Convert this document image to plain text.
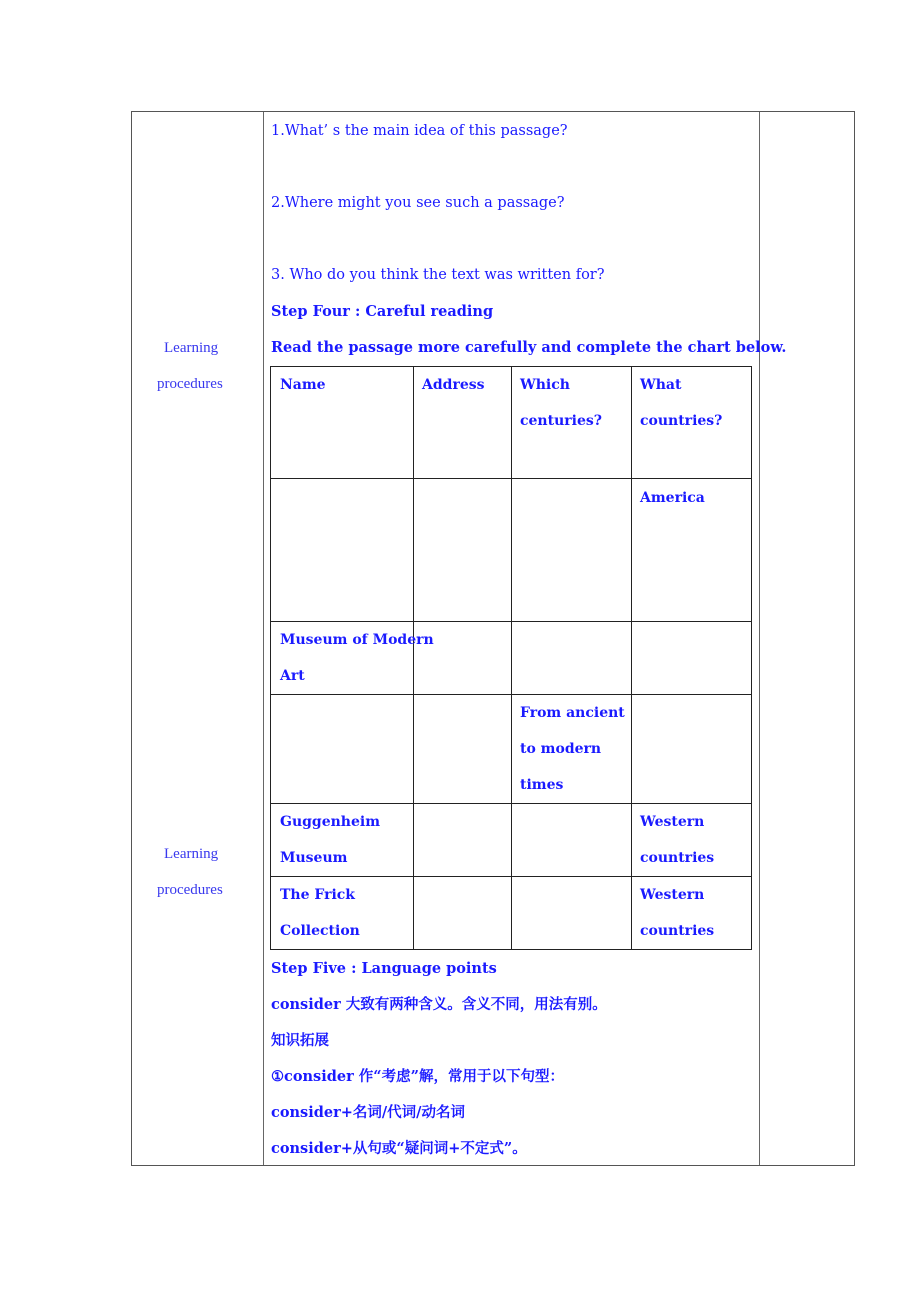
Learning
procedures
Learning
procedures
1.What’ s the main idea of this passage?
2.Where might you see such a passage?
3. Who do you think the text was written for?
Step Four : Careful reading
Read the passage more carefully and complete the chart below.
Name	Address	Which
centuries?
What
countries?
America
Museum of Modern
Art
From ancient
to modern
times
Guggenheim
Museum
Western
countries
The Frick
Collection
Western
countries
Step Five : Language points
consider 大致有两种含义。含义不同，用法有别。
知识拓展
①consider 作“考虑”解，常用于以下句型：
consider+名词/代词/动名词
consider+从句或“疑问词+不定式”。
